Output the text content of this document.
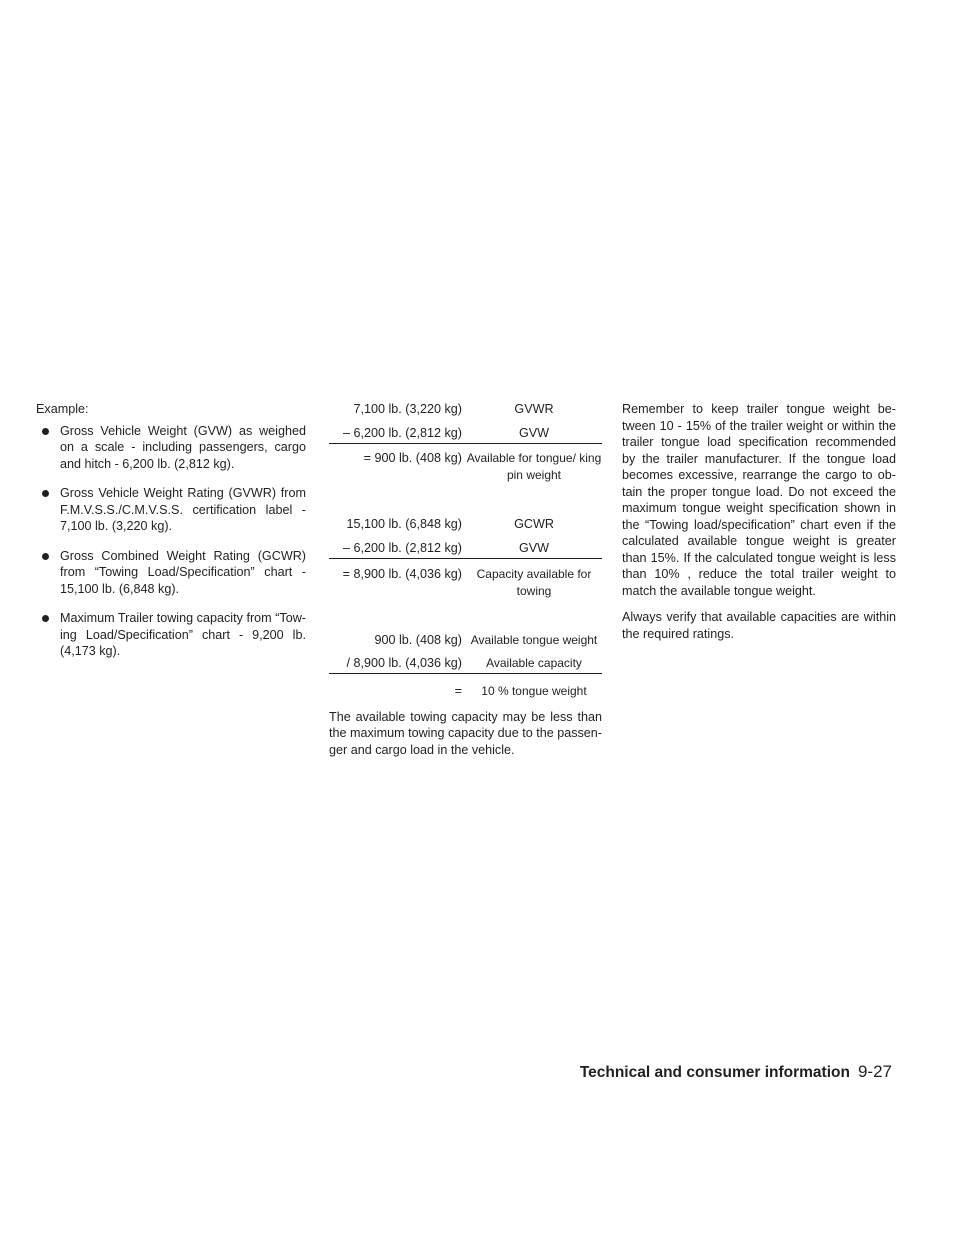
Example:
Gross Vehicle Weight (GVW) as weighed on a scale - including passengers, cargo and hitch - 6,200 lb. (2,812 kg).
Gross Vehicle Weight Rating (GVWR) from F.M.V.S.S./C.M.V.S.S. certification label - 7,100 lb. (3,220 kg).
Gross Combined Weight Rating (GCWR) from “Towing Load/Specification” chart - 15,100 lb. (6,848 kg).
Maximum Trailer towing capacity from “Tow-ing Load/Specification” chart - 9,200 lb. (4,173 kg).
7,100 lb. (3,220 kg)	GVWR
– 6,200 lb. (2,812 kg)	GVW
= 900 lb. (408 kg) Available for tongue/ king pin weight
15,100 lb. (6,848 kg)	GCWR
– 6,200 lb. (2,812 kg)	GVW
= 8,900 lb. (4,036 kg)	Capacity available for towing
900 lb. (408 kg) Available tongue weight
/ 8,900 lb. (4,036 kg)	Available capacity
=	10 % tongue weight

The available towing capacity may be less than the maximum towing capacity due to the passen-ger and cargo load in the vehicle.

Remember to keep trailer tongue weight be-tween 10 - 15% of the trailer weight or within the trailer tongue load specification recommended by the trailer manufacturer. If the tongue load becomes excessive, rearrange the cargo to ob-tain the proper tongue load. Do not exceed the maximum tongue weight specification shown in the “Towing load/specification” chart even if the calculated available tongue weight is greater than 15%. If the calculated tongue weight is less than 10% , reduce the total trailer weight to match the available tongue weight.

Always verify that available capacities are within the required ratings.

Technical and consumer information 9-27
